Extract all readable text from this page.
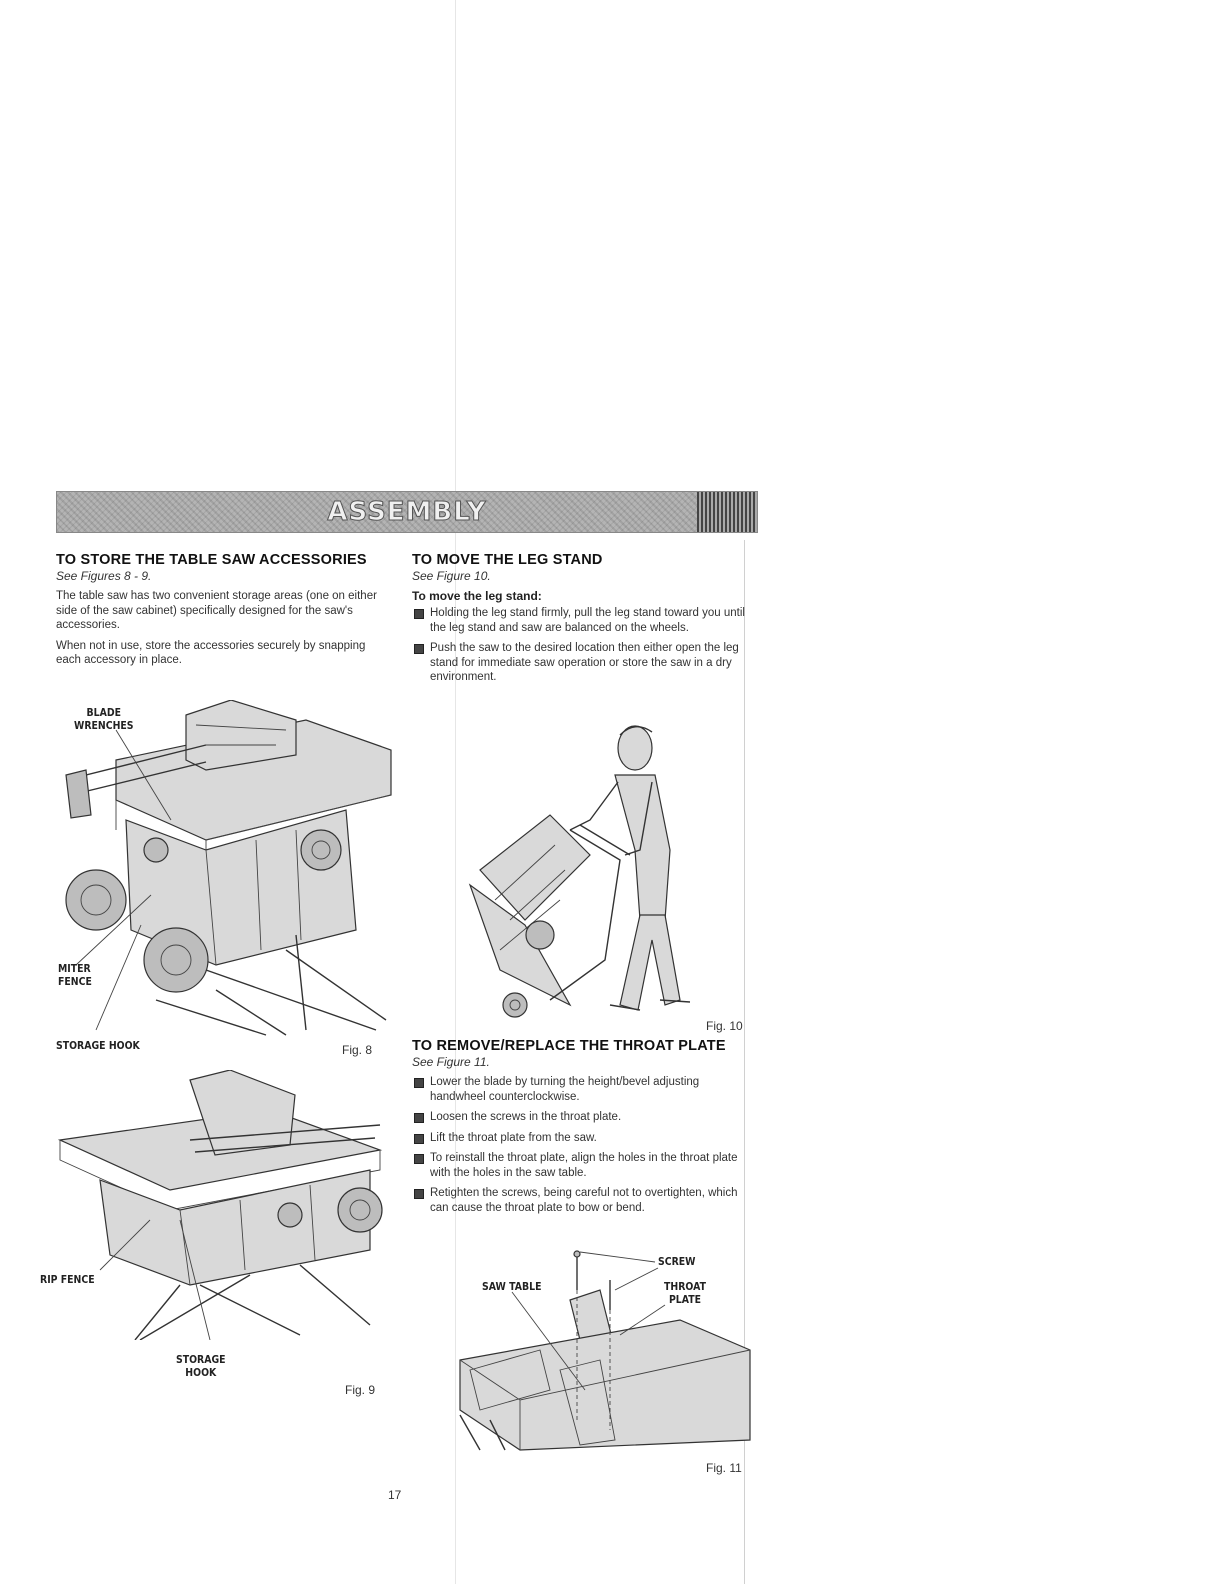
ASSEMBLY
TO STORE THE TABLE SAW ACCESSORIES
See Figures 8 - 9.
The table saw has two convenient storage areas (one on either side of the saw cabinet) specifically designed for the saw's accessories.
When not in use, store the accessories securely by snapping each accessory in place.
BLADE
WRENCHES
MITER
FENCE
STORAGE HOOK	Fig. 8
RIP FENCE
STORAGE
HOOK
Fig. 9
TO MOVE THE LEG STAND
See Figure 10.
To move the leg stand:
Holding the leg stand firmly, pull the leg stand toward you until the leg stand and saw are balanced on the wheels.
Push the saw to the desired location then either open the leg stand for immediate saw operation or store the saw in a dry environment.
Fig. 10
TO REMOVE/REPLACE THE THROAT PLATE
See Figure 11.
Lower the blade by turning the height/bevel adjusting handwheel counterclockwise.
Loosen the screws in the throat plate.
Lift the throat plate from the saw.
To reinstall the throat plate, align the holes in the throat plate with the holes in the saw table.
Retighten the screws, being careful not to overtighten, which can cause the throat plate to bow or bend.
SCREW
SAW TABLE	THROAT
PLATE
Fig. 11
17
